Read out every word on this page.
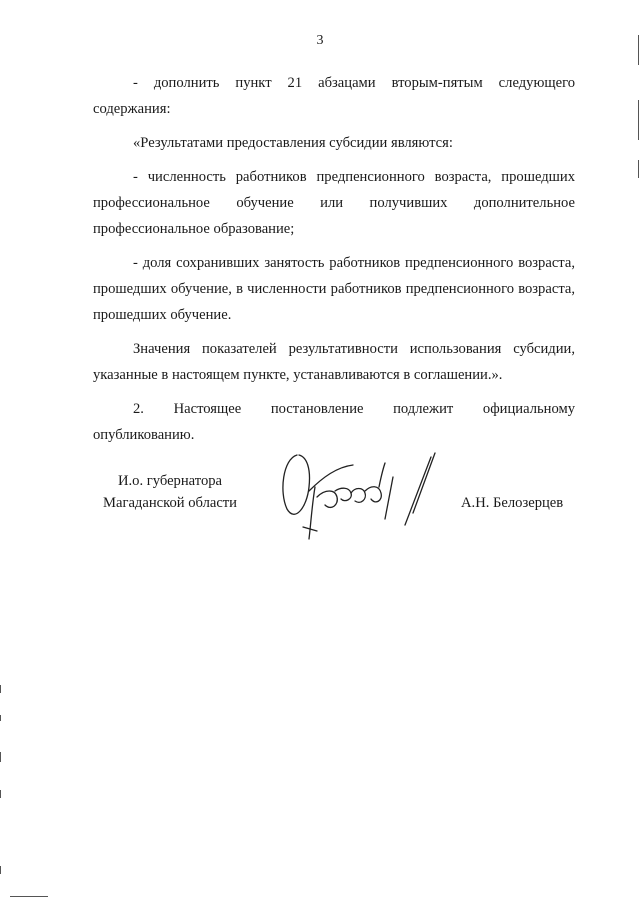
3

- дополнить пункт 21 абзацами вторым-пятым следующего содержания:

«Результатами предоставления субсидии являются:

- численность работников предпенсионного возраста, прошедших профессиональное обучение или получивших дополнительное профессиональное образование;

- доля сохранивших занятость работников предпенсионного возраста, прошедших обучение, в численности работников предпенсионного возраста, прошедших обучение.

Значения показателей результативности использования субсидии, указанные в настоящем пункте, устанавливаются в соглашении.».

2. Настоящее постановление подлежит официальному опубликованию.

И.о. губернатора
Магаданской области	А.Н. Белозерцев
